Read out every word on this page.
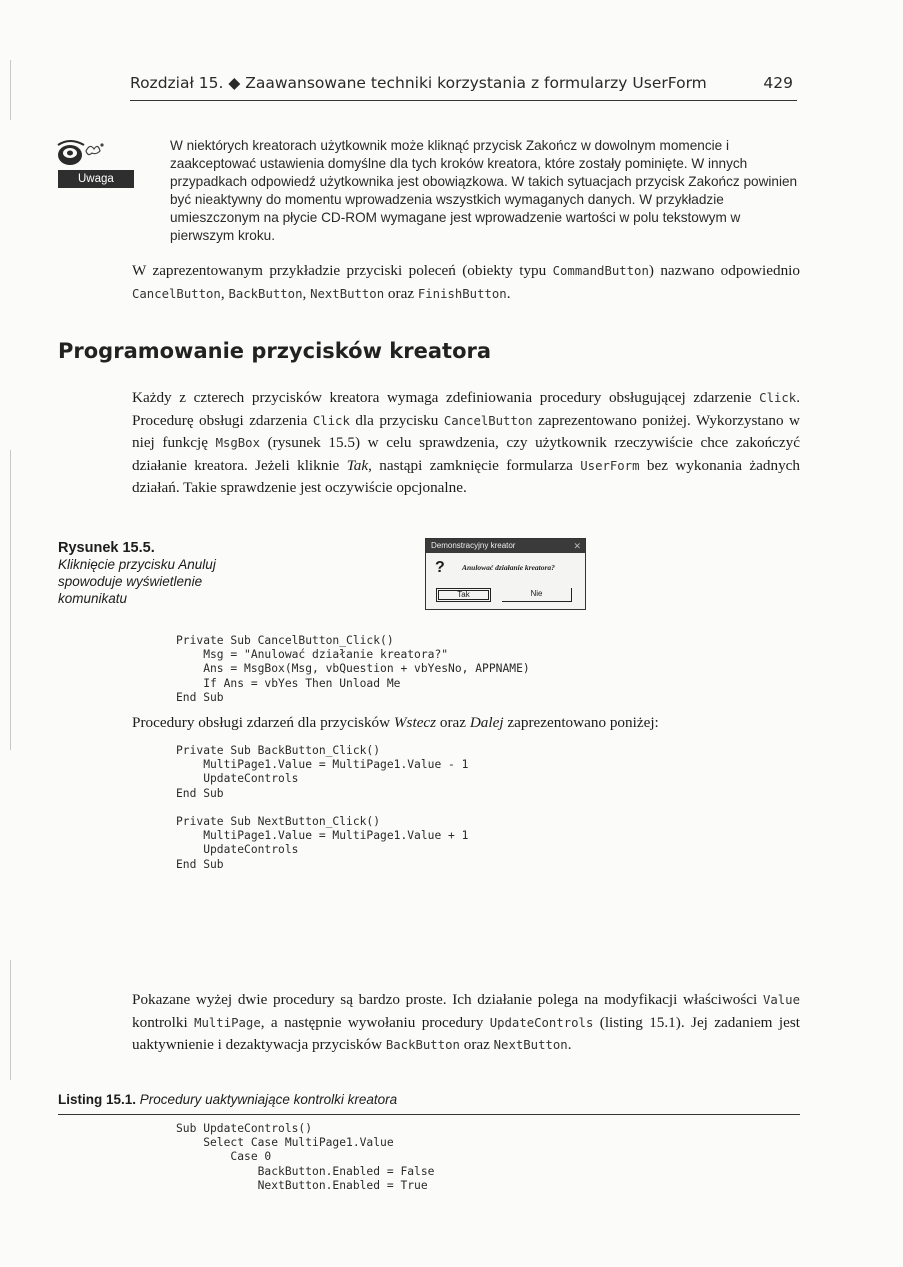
Rozdział 15. ◆ Zaawansowane techniki korzystania z formularzy UserForm	429
Uwaga
W niektórych kreatorach użytkownik może kliknąć przycisk Zakończ w dowolnym momencie i zaakceptować ustawienia domyślne dla tych kroków kreatora, które zostały pominięte. W innych przypadkach odpowiedź użytkownika jest obowiązkowa. W takich sytuacjach przycisk Zakończ powinien być nieaktywny do momentu wprowadzenia wszystkich wymaganych danych. W przykładzie umieszczonym na płycie CD-ROM wymagane jest wprowadzenie wartości w polu tekstowym w pierwszym kroku.

W zaprezentowanym przykładzie przyciski poleceń (obiekty typu CommandButton) nazwano odpowiednio CancelButton, BackButton, NextButton oraz FinishButton.

Programowanie przycisków kreatora

Każdy z czterech przycisków kreatora wymaga zdefiniowania procedury obsługującej zdarzenie Click. Procedurę obsługi zdarzenia Click dla przycisku CancelButton zaprezentowano poniżej. Wykorzystano w niej funkcję MsgBox (rysunek 15.5) w celu sprawdzenia, czy użytkownik rzeczywiście chce zakończyć działanie kreatora. Jeżeli kliknie Tak, nastąpi zamknięcie formularza UserForm bez wykonania żadnych działań. Takie sprawdzenie jest oczywiście opcjonalne.

Rysunek 15.5.
Kliknięcie przycisku Anuluj spowoduje wyświetlenie komunikatu
Demonstracyjny kreator	✕
? Anulować działanie kreatora?
Tak	Nie
Private Sub CancelButton_Click()
Msg = "Anulować działanie kreatora?"
Ans = MsgBox(Msg, vbQuestion + vbYesNo, APPNAME)
If Ans = vbYes Then Unload Me
End Sub

Procedury obsługi zdarzeń dla przycisków Wstecz oraz Dalej zaprezentowano poniżej:

Private Sub BackButton_Click()
MultiPage1.Value = MultiPage1.Value - 1
UpdateControls
End Sub

Private Sub NextButton_Click()
MultiPage1.Value = MultiPage1.Value + 1
UpdateControls
End Sub

Pokazane wyżej dwie procedury są bardzo proste. Ich działanie polega na modyfikacji właściwości Value kontrolki MultiPage, a następnie wywołaniu procedury UpdateControls (listing 15.1). Jej zadaniem jest uaktywnienie i dezaktywacja przycisków BackButton oraz NextButton.

Listing 15.1. Procedury uaktywniające kontrolki kreatora
Sub UpdateControls()
Select Case MultiPage1.Value
Case 0
BackButton.Enabled = False
NextButton.Enabled = True
